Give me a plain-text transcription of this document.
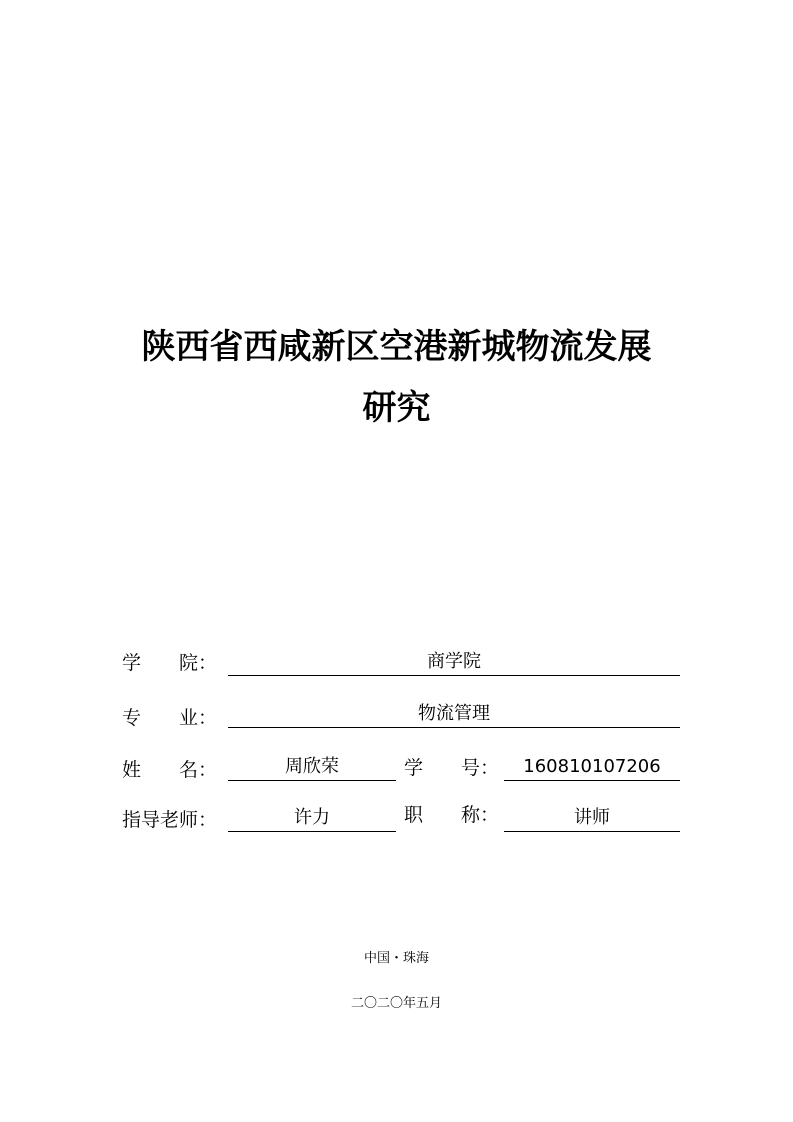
陕西省西咸新区空港新城物流发展
研究
学　　院：	商学院
专　　业：	物流管理
姓　　名：	周欣荣	学　　号：	160810107206
指导老师：	许力	职　　称：	讲师
中国・珠海
二〇二〇年五月
